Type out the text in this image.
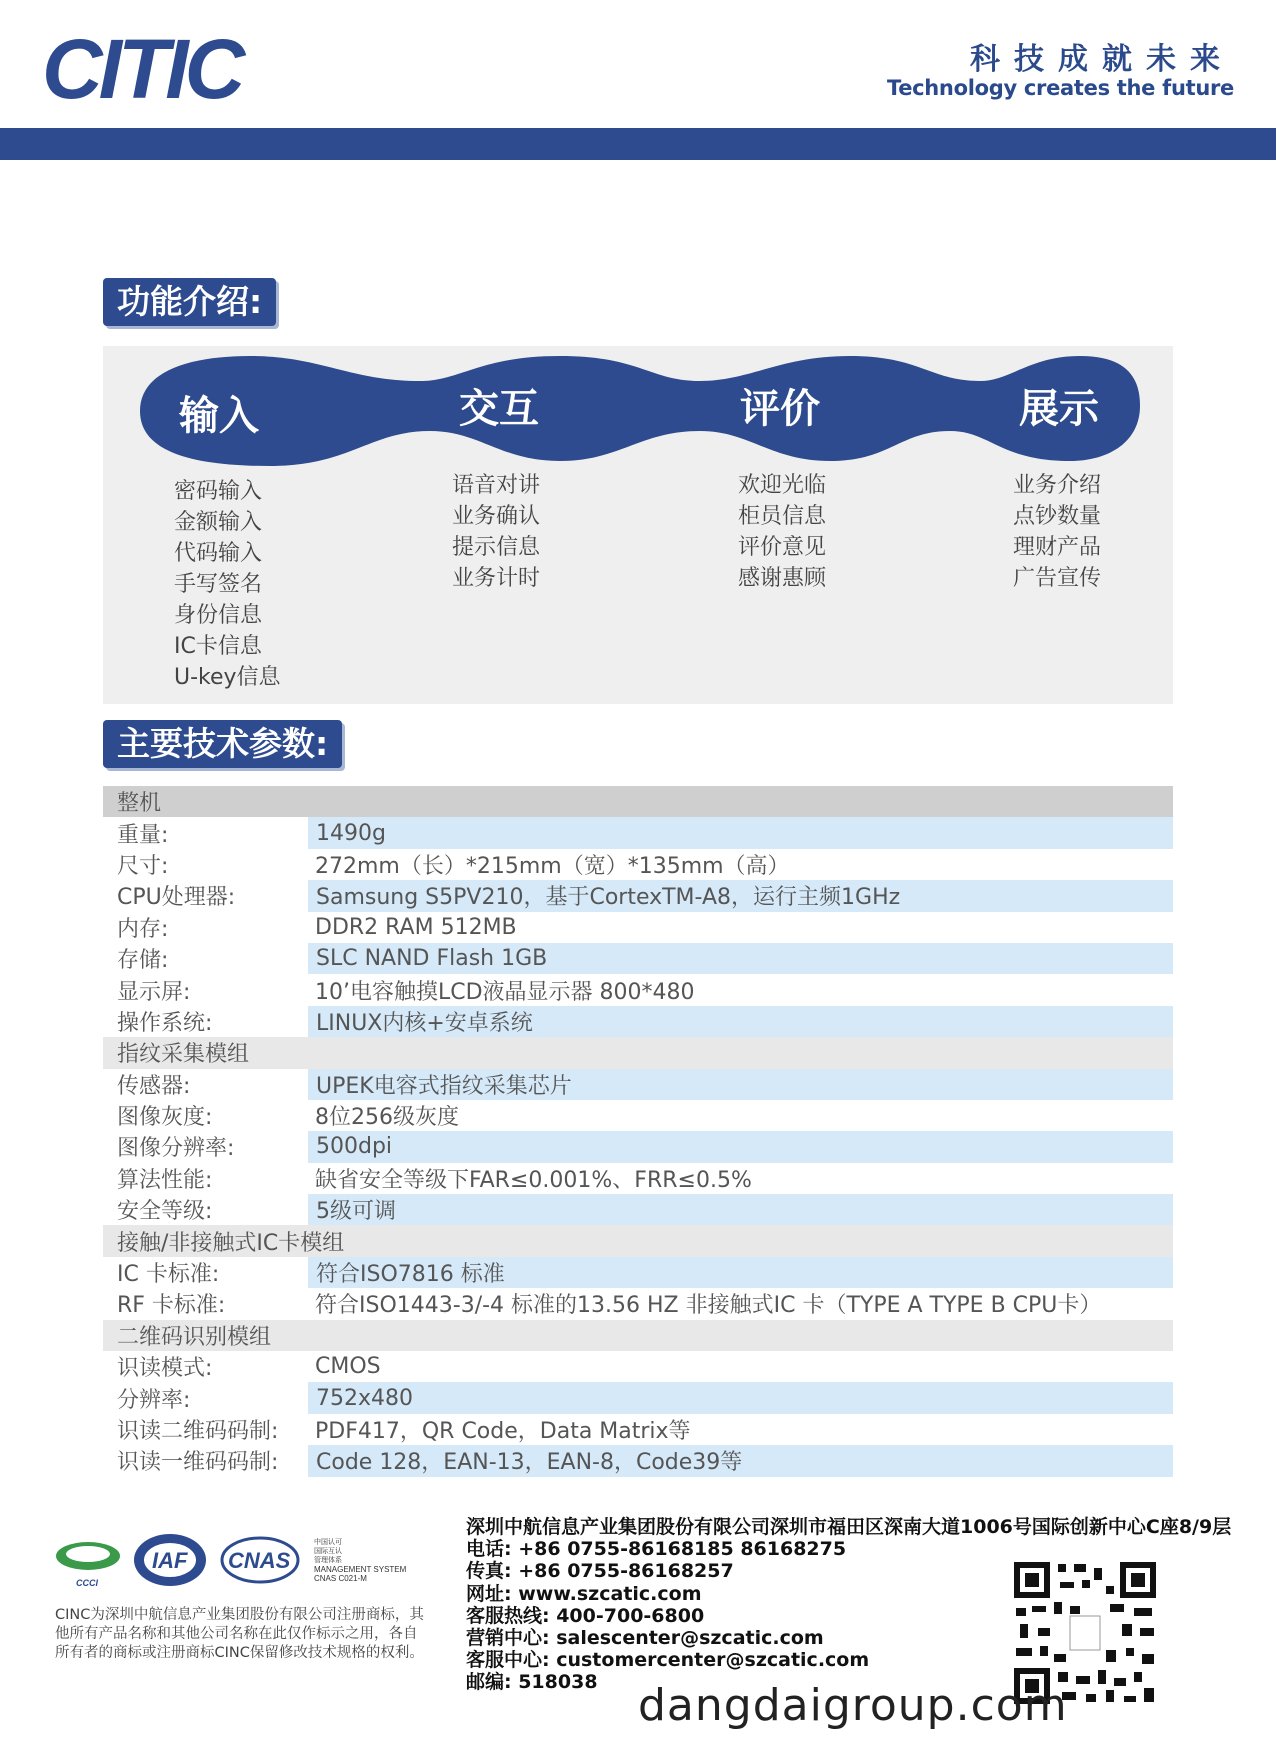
CITIC	科技成就未来
Technology creates the future
功能介绍:
输入	交互	评价	展示
密码输入
金额输入
代码输入
手写签名
身份信息
IC卡信息
U-key信息
语音对讲
业务确认
提示信息
业务计时
欢迎光临
柜员信息
评价意见
感谢惠顾
业务介绍
点钞数量
理财产品
广告宣传
主要技术参数:
整机
重量:	1490g
尺寸:	272mm（长）*215mm（宽）*135mm（高）
CPU处理器:	Samsung S5PV210，基于CortexTM-A8，运行主频1GHz
内存:	DDR2 RAM 512MB
存储:	SLC NAND Flash 1GB
显示屏:	10’电容触摸LCD液晶显示器 800*480
操作系统:	LINUX内核+安卓系统
指纹采集模组
传感器:	UPEK电容式指纹采集芯片
图像灰度:	8位256级灰度
图像分辨率:	500dpi
算法性能:	缺省安全等级下FAR≤0.001%、FRR≤0.5%
安全等级:	5级可调
接触/非接触式IC卡模组
IC 卡标准:	符合ISO7816 标准
RF 卡标准:	符合ISO1443-3/-4 标准的13.56 HZ 非接触式IC 卡（TYPE A TYPE B CPU卡）
二维码识别模组
识读模式:	CMOS
分辨率:	752x480
识读二维码码制:	PDF417，QR Code，Data Matrix等
识读一维码码制:	Code 128，EAN-13，EAN-8，Code39等
CCCI
IAF CNAS
中国认可
国际互认
管理体系
MANAGEMENT SYSTEM
CNAS C021-M
CINC为深圳中航信息产业集团股份有限公司注册商标，其他所有产品名称和其他公司名称在此仅作标示之用，各自所有者的商标或注册商标CINC保留修改技术规格的权利。
深圳中航信息产业集团股份有限公司深圳市福田区深南大道1006号国际创新中心C座8/9层
电话: +86 0755-86168185 86168275
传真: +86 0755-86168257
网址: www.szcatic.com
客服热线: 400-700-6800
营销中心: salescenter@szcatic.com
客服中心: customercenter@szcatic.com
邮编: 518038 dangdaigroup.com
